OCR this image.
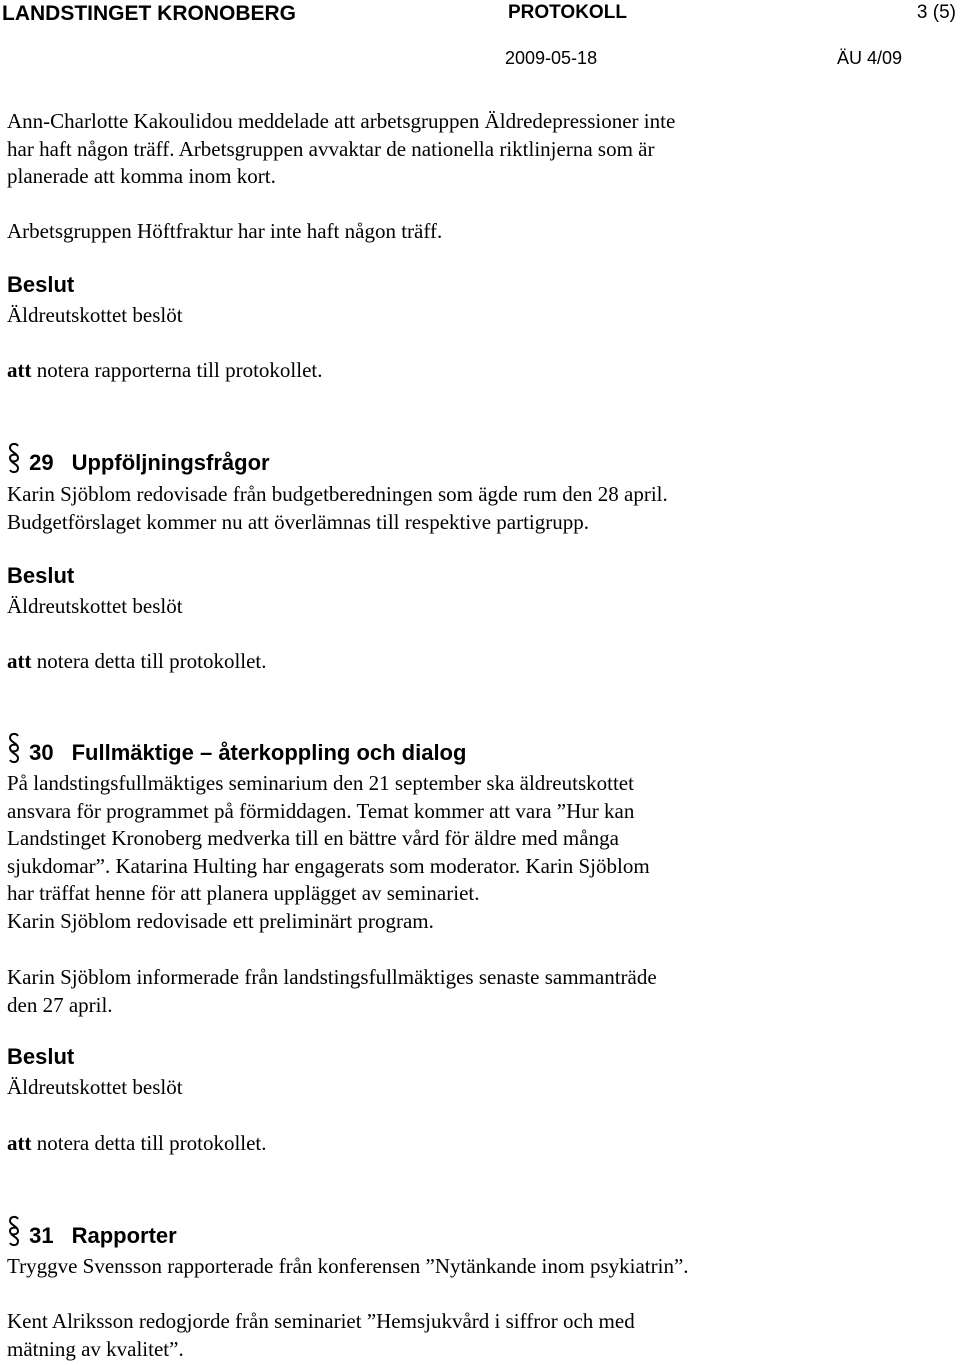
LANDSTINGET KRONOBERG	PROTOKOLL	3 (5)
2009-05-18	ÄU 4/09

Ann-Charlotte Kakoulidou meddelade att arbetsgruppen Äldredepressioner inte
har haft någon träff. Arbetsgruppen avvaktar de nationella riktlinjerna som är
planerade att komma inom kort.

Arbetsgruppen Höftfraktur har inte haft någon träff.

Beslut

Äldreutskottet beslöt

att notera rapporterna till protokollet.

29 Uppföljningsfrågor

Karin Sjöblom redovisade från budgetberedningen som ägde rum den 28 april.
Budgetförslaget kommer nu att överlämnas till respektive partigrupp.

Beslut

Äldreutskottet beslöt

att notera detta till protokollet.

30 Fullmäktige – återkoppling och dialog

På landstingsfullmäktiges seminarium den 21 september ska äldreutskottet
ansvara för programmet på förmiddagen. Temat kommer att vara ”Hur kan
Landstinget Kronoberg medverka till en bättre vård för äldre med många
sjukdomar”. Katarina Hulting har engagerats som moderator. Karin Sjöblom
har träffat henne för att planera upplägget av seminariet.
Karin Sjöblom redovisade ett preliminärt program.

Karin Sjöblom informerade från landstingsfullmäktiges senaste sammanträde
den 27 april.

Beslut

Äldreutskottet beslöt

att notera detta till protokollet.

31 Rapporter

Tryggve Svensson rapporterade från konferensen ”Nytänkande inom psykiatrin”.

Kent Alriksson redogjorde från seminariet ”Hemsjukvård i siffror och med
mätning av kvalitet”.
